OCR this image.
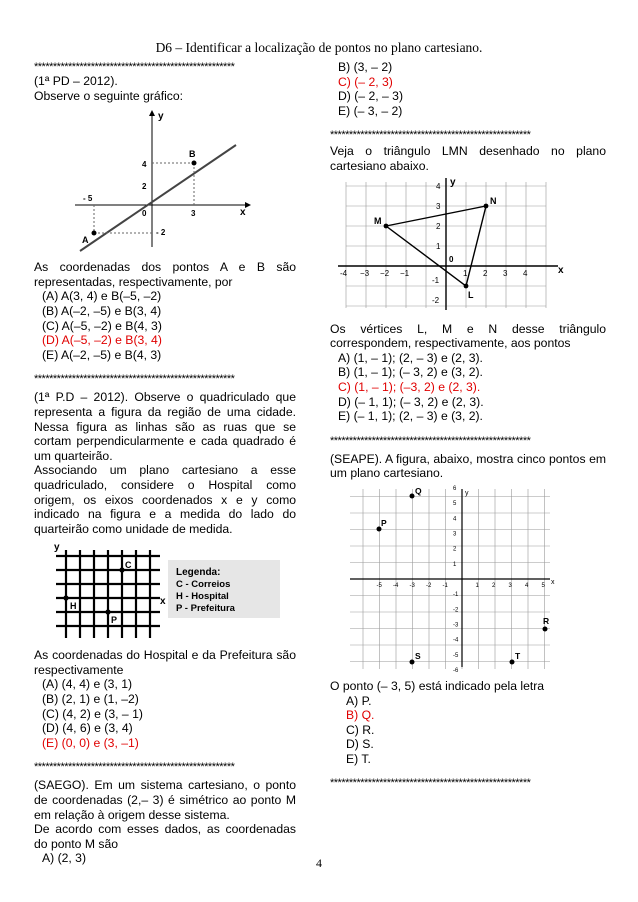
D6 – Identificar a localização de pontos no plano cartesiano.
*****************************************************

(1ª PD – 2012).

Observe o seguinte gráfico:

y
x
B
A
4
2
- 5
0	3
- 2

As coordenadas dos pontos A e B são representadas, respectivamente, por

(A) A(3, 4) e B(–5, –2)

(B) A(–2, –5) e B(3, 4)

(C) A(–5, –2) e B(4, 3)

(D) A(–5, –2) e B(3, 4)

(E) A(–2, –5) e B(4, 3)

*****************************************************

(1ª P.D – 2012). Observe o quadriculado que representa a figura da região de uma cidade. Nessa figura as linhas são as ruas que se cortam perpendicularmente e cada quadrado é um quarteirão.

Associando um plano cartesiano a esse quadriculado, considere o Hospital como origem, os eixos coordenados x e y como indicado na figura e a medida do lado do quarteirão como unidade de medida.

y
x
C
H
P
Legenda:
C - Correios
H - Hospital
P - Prefeitura

As coordenadas do Hospital e da Prefeitura são respectivamente

(A) (4, 4) e (3, 1)

(B) (2, 1) e (1, –2)

(C) (4, 2) e (3, – 1)

(D) (4, 6) e (3, 4)

(E) (0, 0) e (3, –1)

*****************************************************

(SAEGO). Em um sistema cartesiano, o ponto de coordenadas (2,– 3) é simétrico ao ponto M em relação à origem desse sistema.

De acordo com esses dados, as coordenadas do ponto M são

A) (2, 3)

B) (3, – 2)

C) (– 2, 3)

D) (– 2, – 3)

E) (– 3, – 2)

*****************************************************

Veja o triângulo LMN desenhado no plano cartesiano abaixo.

y
x
M
N
L
4
3
2
1
0
-1
-2
-4 −3 −2 −1	1 2 3 4

Os vértices L, M e N desse triângulo correspondem, respectivamente, aos pontos

A) (1, – 1); (2, – 3) e (2, 3).

B) (1, – 1); (– 3, 2) e (3, 2).

C) (1, – 1); (–3, 2) e (2, 3).

D) (– 1, 1); (– 3, 2) e (2, 3).

E) (– 1, 1); (2, – 3) e (3, 2).

*****************************************************

(SEAPE). A figura, abaixo, mostra cinco pontos em um plano cartesiano.

-5 -4 -3 -2 -1	1 2 3 4 5
6
5
4
3
2
1
-1
-2
-3
-4
-5
-6
Q
P
R
S	T
y
x

O ponto (– 3, 5) está indicado pela letra

A) P.

B) Q.

C) R.

D) S.

E) T.

*****************************************************
4
